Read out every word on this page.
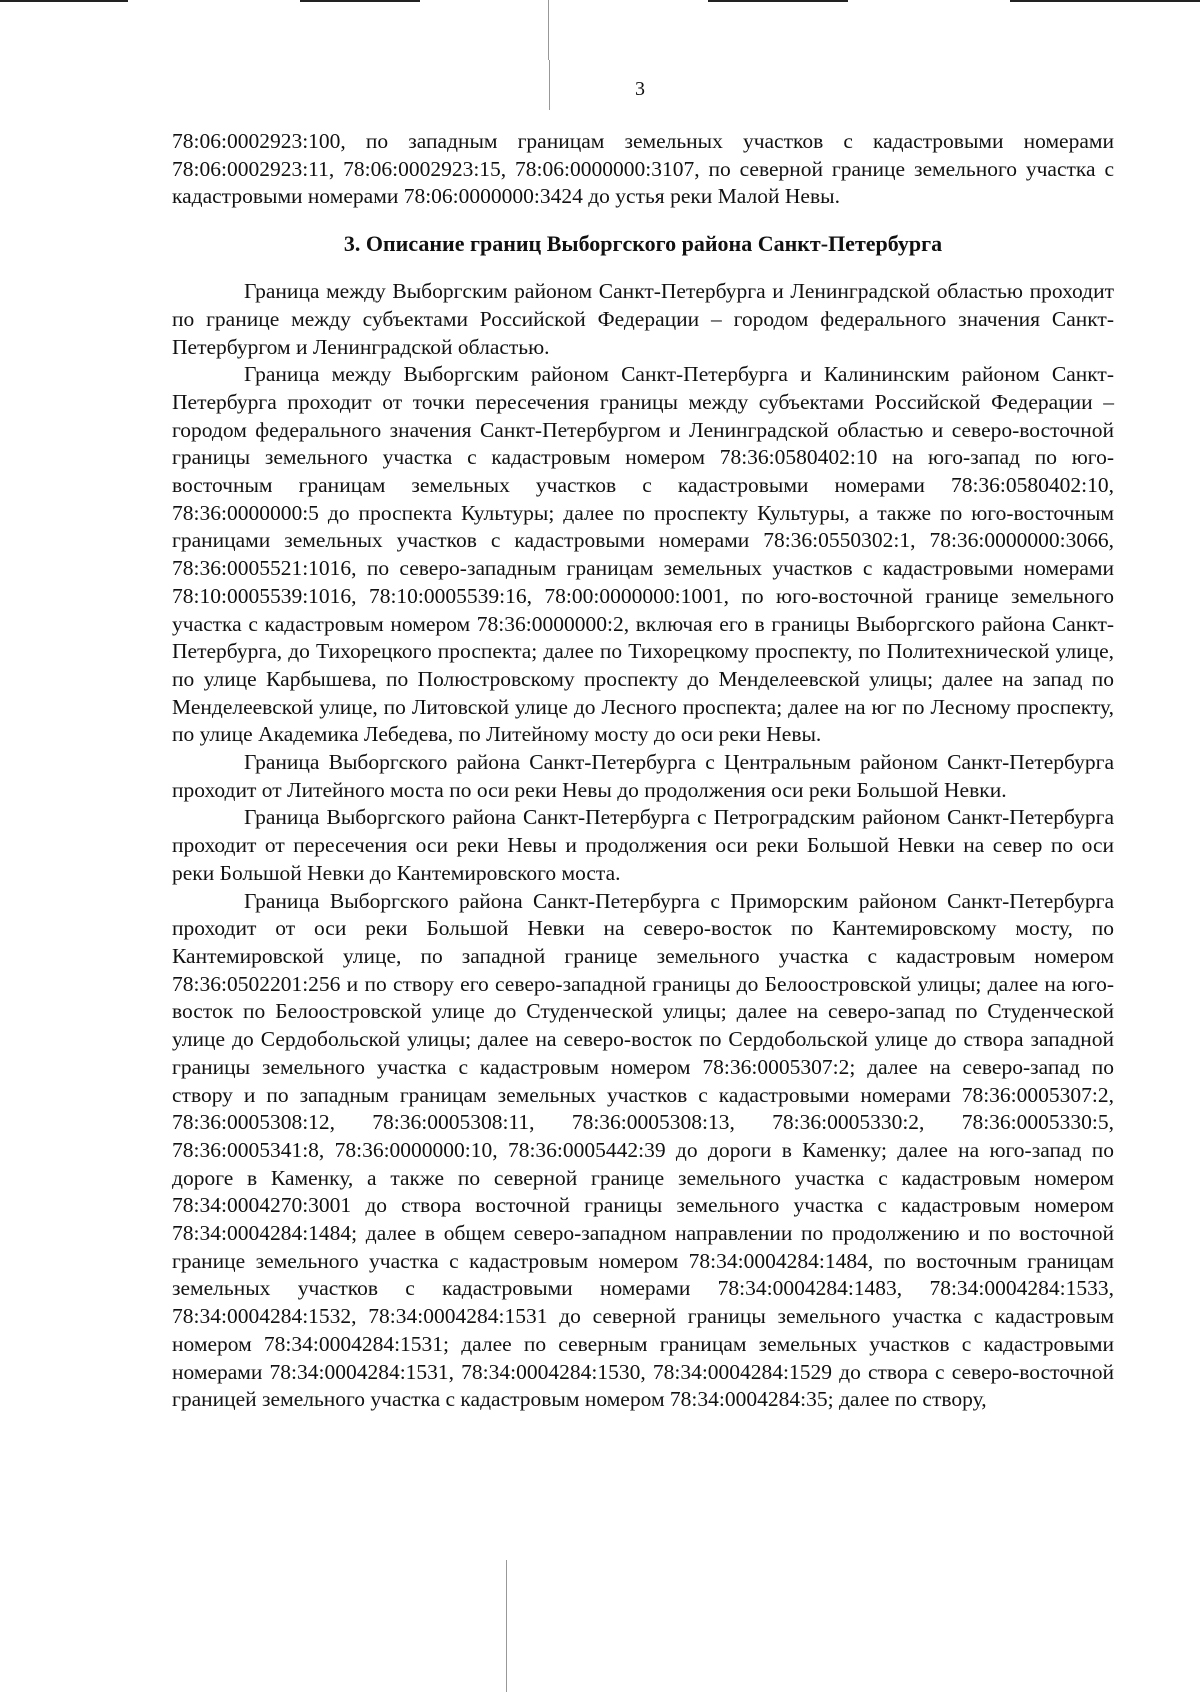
3

78:06:0002923:100, по западным границам земельных участков с кадастровыми номерами 78:06:0002923:11, 78:06:0002923:15, 78:06:0000000:3107, по северной границе земельного участка с кадастровыми номерами 78:06:0000000:3424 до устья реки Малой Невы.

3. Описание границ Выборгского района Санкт-Петербурга

Граница между Выборгским районом Санкт-Петербурга и Ленинградской областью проходит по границе между субъектами Российской Федерации – городом федерального значения Санкт-Петербургом и Ленинградской областью.

Граница между Выборгским районом Санкт-Петербурга и Калининским районом Санкт-Петербурга проходит от точки пересечения границы между субъектами Российской Федерации – городом федерального значения Санкт-Петербургом и Ленинградской областью и северо-восточной границы земельного участка с кадастровым номером 78:36:0580402:10 на юго-запад по юго-восточным границам земельных участков с кадастровыми номерами 78:36:0580402:10, 78:36:0000000:5 до проспекта Культуры; далее по проспекту Культуры, а также по юго-восточным границами земельных участков с кадастровыми номерами 78:36:0550302:1, 78:36:0000000:3066, 78:36:0005521:1016, по северо-западным границам земельных участков с кадастровыми номерами 78:10:0005539:1016, 78:10:0005539:16, 78:00:0000000:1001, по юго-восточной границе земельного участка с кадастровым номером 78:36:0000000:2, включая его в границы Выборгского района Санкт-Петербурга, до Тихорецкого проспекта; далее по Тихорецкому проспекту, по Политехнической улице, по улице Карбышева, по Полюстровскому проспекту до Менделеевской улицы; далее на запад по Менделеевской улице, по Литовской улице до Лесного проспекта; далее на юг по Лесному проспекту, по улице Академика Лебедева, по Литейному мосту до оси реки Невы.

Граница Выборгского района Санкт-Петербурга с Центральным районом Санкт-Петербурга проходит от Литейного моста по оси реки Невы до продолжения оси реки Большой Невки.

Граница Выборгского района Санкт-Петербурга с Петроградским районом Санкт-Петербурга проходит от пересечения оси реки Невы и продолжения оси реки Большой Невки на север по оси реки Большой Невки до Кантемировского моста.

Граница Выборгского района Санкт-Петербурга с Приморским районом Санкт-Петербурга проходит от оси реки Большой Невки на северо-восток по Кантемировскому мосту, по Кантемировской улице, по западной границе земельного участка с кадастровым номером 78:36:0502201:256 и по створу его северо-западной границы до Белоостровской улицы; далее на юго-восток по Белоостровской улице до Студенческой улицы; далее на северо-запад по Студенческой улице до Сердобольской улицы; далее на северо-восток по Сердобольской улице до створа западной границы земельного участка с кадастровым номером 78:36:0005307:2; далее на северо-запад по створу и по западным границам земельных участков с кадастровыми номерами 78:36:0005307:2, 78:36:0005308:12, 78:36:0005308:11, 78:36:0005308:13, 78:36:0005330:2, 78:36:0005330:5, 78:36:0005341:8, 78:36:0000000:10, 78:36:0005442:39 до дороги в Каменку; далее на юго-запад по дороге в Каменку, а также по северной границе земельного участка с кадастровым номером 78:34:0004270:3001 до створа восточной границы земельного участка с кадастровым номером 78:34:0004284:1484; далее в общем северо-западном направлении по продолжению и по восточной границе земельного участка с кадастровым номером 78:34:0004284:1484, по восточным границам земельных участков с кадастровыми номерами 78:34:0004284:1483, 78:34:0004284:1533, 78:34:0004284:1532, 78:34:0004284:1531 до северной границы земельного участка с кадастровым номером 78:34:0004284:1531; далее по северным границам земельных участков с кадастровыми номерами 78:34:0004284:1531, 78:34:0004284:1530, 78:34:0004284:1529 до створа с северо-восточной границей земельного участка с кадастровым номером 78:34:0004284:35; далее по створу,
